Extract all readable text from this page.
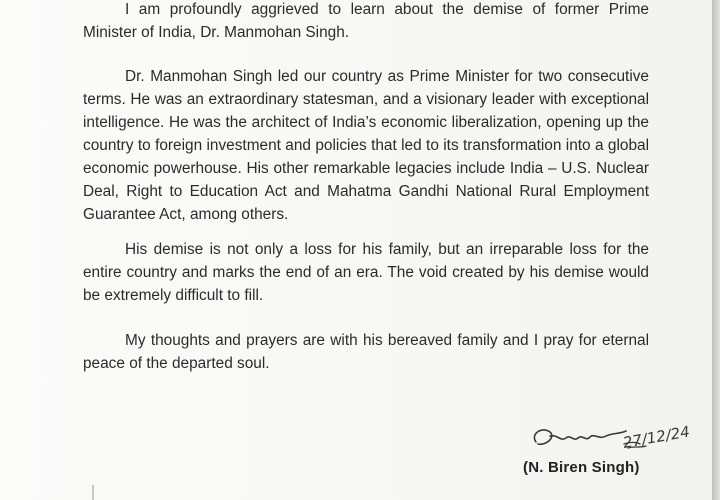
I am profoundly aggrieved to learn about the demise of former Prime Minister of India, Dr. Manmohan Singh.

Dr. Manmohan Singh led our country as Prime Minister for two consecutive terms. He was an extraordinary statesman, and a visionary leader with exceptional intelligence. He was the architect of India’s economic liberalization, opening up the country to foreign investment and policies that led to its transformation into a global economic powerhouse. His other remarkable legacies include India – U.S. Nuclear Deal, Right to Education Act and Mahatma Gandhi National Rural Employment Guarantee Act, among others.

His demise is not only a loss for his family, but an irreparable loss for the entire country and marks the end of an era. The void created by his demise would be extremely difficult to fill.

My thoughts and prayers are with his bereaved family and I pray for eternal peace of the departed soul.

27/12/24
(N. Biren Singh)
